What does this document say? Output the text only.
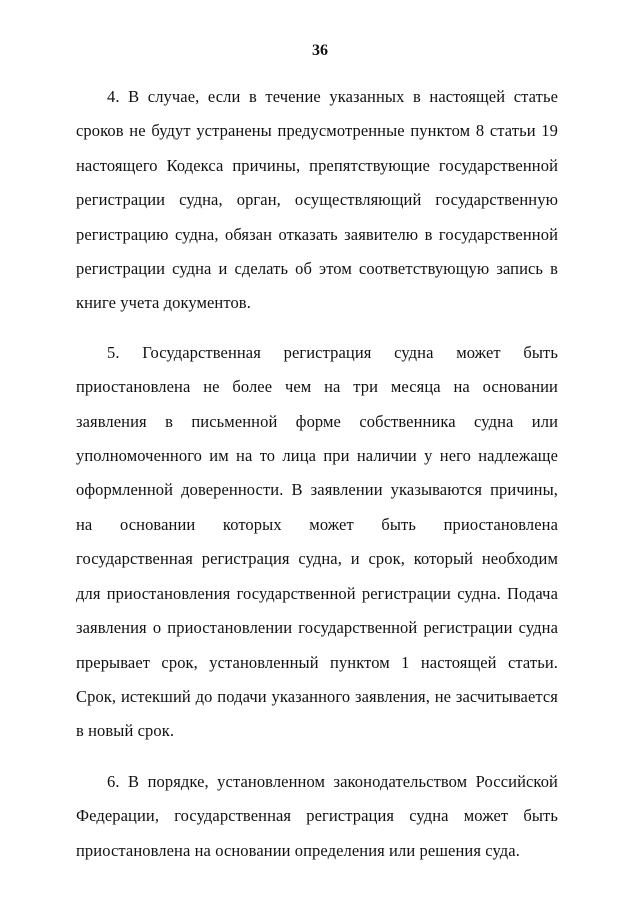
36

4. В случае, если в течение указанных в настоящей статье сроков не будут устранены предусмотренные пунктом 8 статьи 19 настоящего Кодекса причины, препятствующие государственной регистрации судна, орган, осуществляющий государственную регистрацию судна, обязан отказать заявителю в государственной регистрации судна и сделать об этом соответствующую запись в книге учета документов.

5. Государственная регистрация судна может быть приостановлена не более чем на три месяца на основании заявления в письменной форме собственника судна или уполномоченного им на то лица при наличии у него надлежаще оформленной доверенности. В заявлении указываются причины, на основании которых может быть приостановлена государственная регистрация судна, и срок, который необходим для приостановления государственной регистрации судна. Подача заявления о приостановлении государственной регистрации судна прерывает срок, установленный пунктом 1 настоящей статьи. Срок, истекший до подачи указанного заявления, не засчитывается в новый срок.

6. В порядке, установленном законодательством Российской Федерации, государственная регистрация судна может быть приостановлена на основании определения или решения суда.
